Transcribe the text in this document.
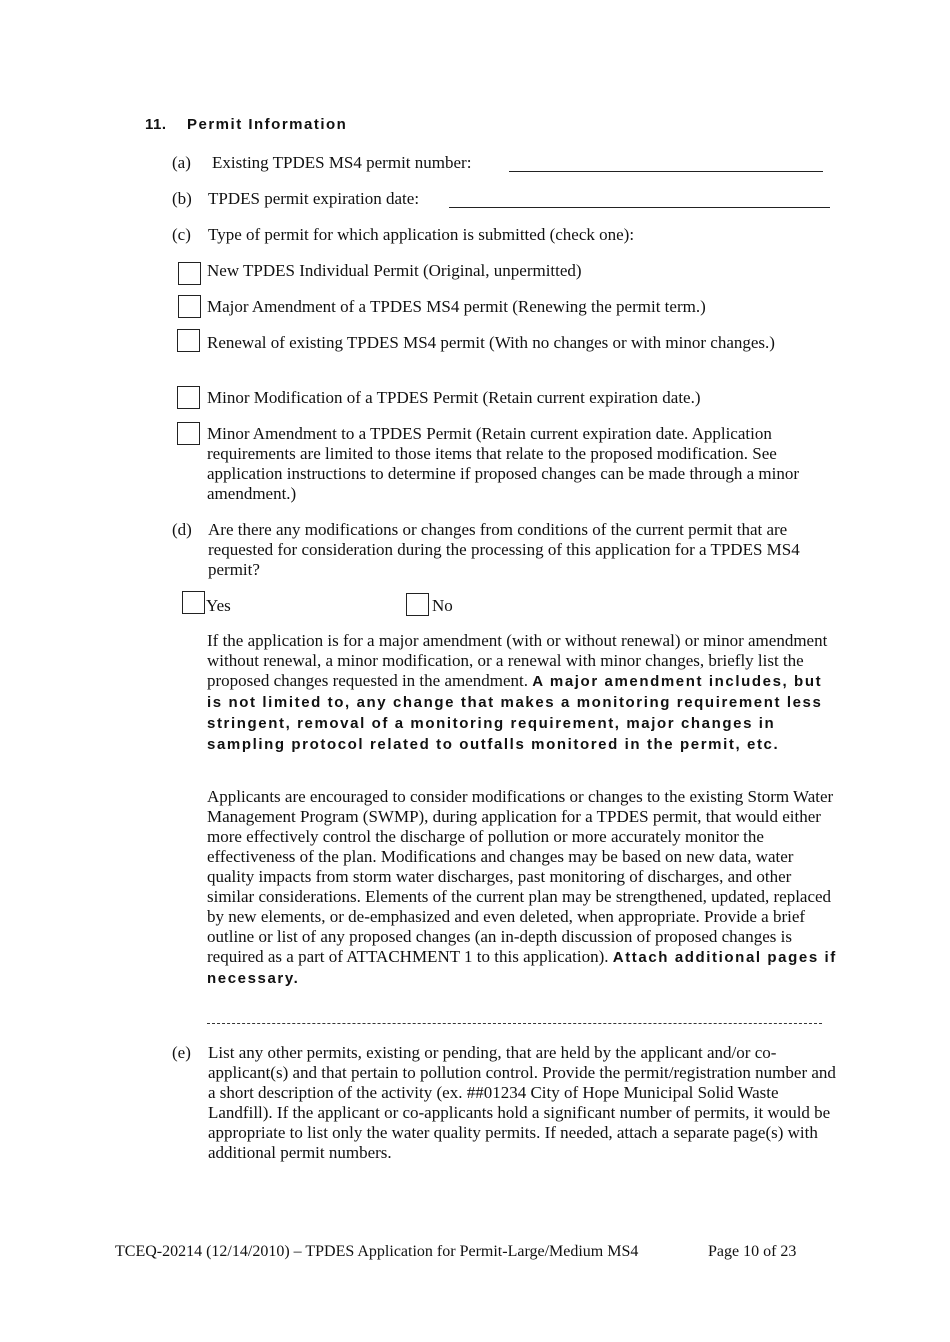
11. Permit Information
(a) Existing TPDES MS4 permit number:
(b) TPDES permit expiration date:
(c) Type of permit for which application is submitted (check one):
New TPDES Individual Permit (Original, unpermitted)
Major Amendment of a TPDES MS4 permit (Renewing the permit term.)
Renewal of existing TPDES MS4 permit (With no changes or with minor changes.)
Minor Modification of a TPDES Permit (Retain current expiration date.)
Minor Amendment to a TPDES Permit (Retain current expiration date. Application requirements are limited to those items that relate to the proposed modification. See application instructions to determine if proposed changes can be made through a minor amendment.)
(d) Are there any modifications or changes from conditions of the current permit that are requested for consideration during the processing of this application for a TPDES MS4 permit?
Yes	No
If the application is for a major amendment (with or without renewal) or minor amendment without renewal, a minor modification, or a renewal with minor changes, briefly list the proposed changes requested in the amendment. A major amendment includes, but is not limited to, any change that makes a monitoring requirement less stringent, removal of a monitoring requirement, major changes in sampling protocol related to outfalls monitored in the permit, etc.
Applicants are encouraged to consider modifications or changes to the existing Storm Water Management Program (SWMP), during application for a TPDES permit, that would either more effectively control the discharge of pollution or more accurately monitor the effectiveness of the plan. Modifications and changes may be based on new data, water quality impacts from storm water discharges, past monitoring of discharges, and other similar considerations. Elements of the current plan may be strengthened, updated, replaced by new elements, or de-emphasized and even deleted, when appropriate. Provide a brief outline or list of any proposed changes (an in-depth discussion of proposed changes is required as a part of ATTACHMENT 1 to this application). Attach additional pages if necessary.
(e) List any other permits, existing or pending, that are held by the applicant and/or co-applicant(s) and that pertain to pollution control. Provide the permit/registration number and a short description of the activity (ex. ##01234 City of Hope Municipal Solid Waste Landfill). If the applicant or co-applicants hold a significant number of permits, it would be appropriate to list only the water quality permits. If needed, attach a separate page(s) with additional permit numbers.
TCEQ-20214 (12/14/2010) – TPDES Application for Permit-Large/Medium MS4	Page 10 of 23
